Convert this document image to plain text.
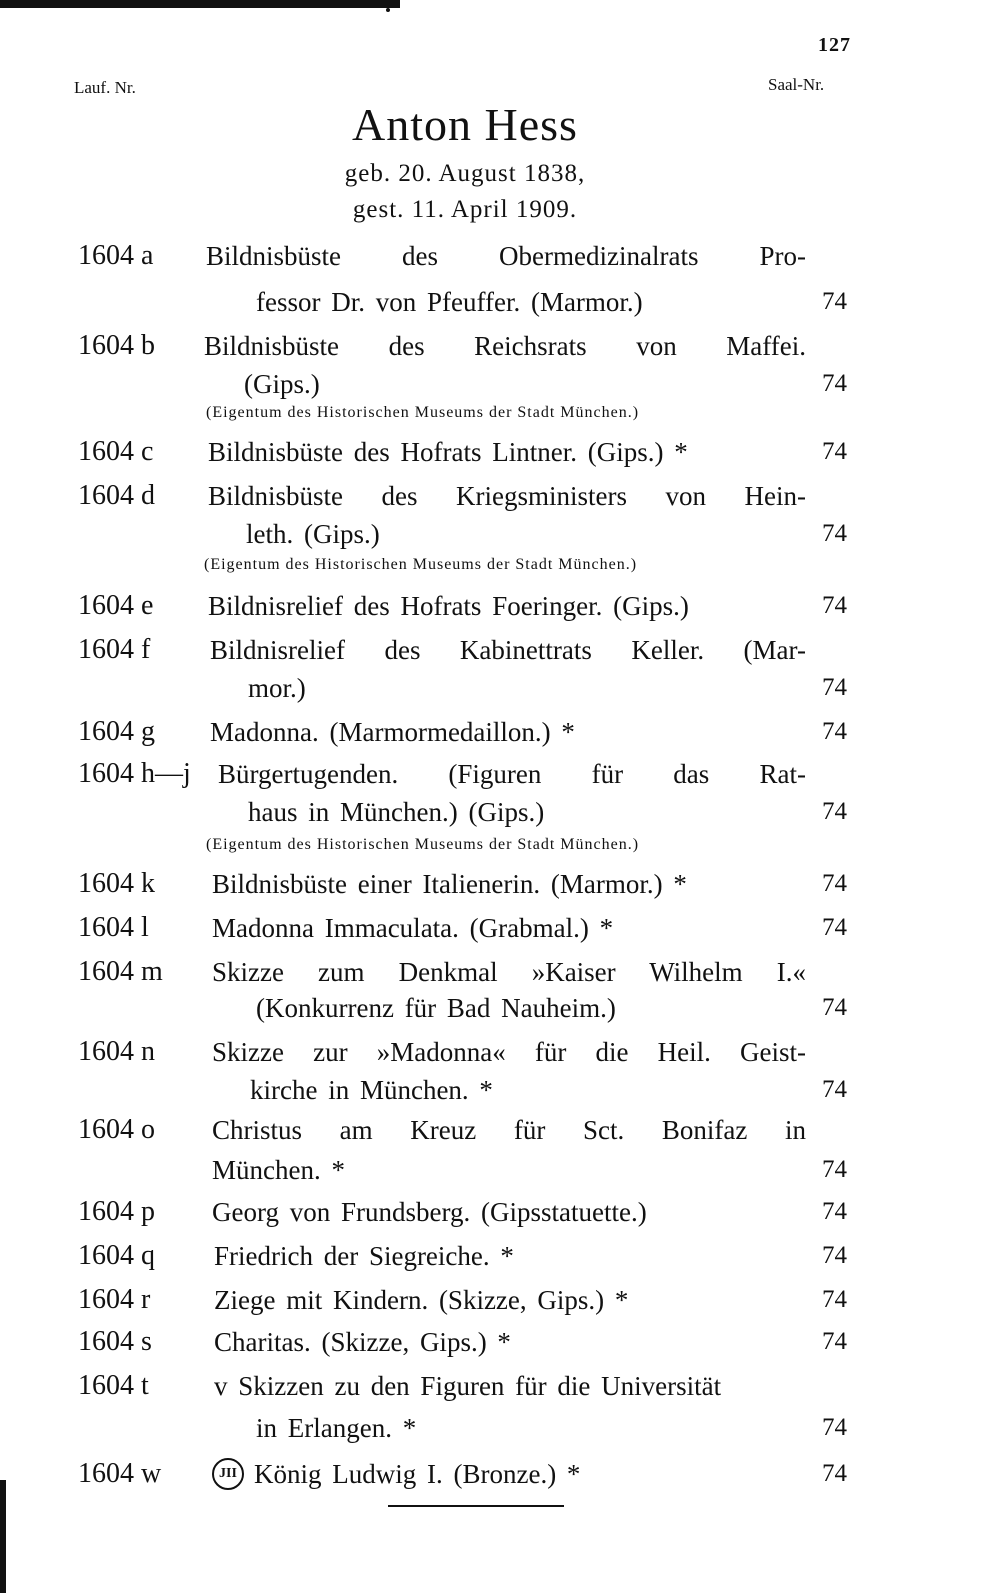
127
Lauf. Nr.	Saal-Nr.
Anton Hess
geb. 20. August 1838,
gest. 11. April 1909.
1604 a Bildnisbüste des Obermedizinalrats Pro-
fessor Dr. von Pfeuffer. (Marmor.)	74
1604 b Bildnisbüste des Reichsrats von Maffei.
(Gips.)	74
(Eigentum des Historischen Museums der Stadt München.)
1604 c Bildnisbüste des Hofrats Lintner. (Gips.) *	74
1604 d Bildnisbüste des Kriegsministers von Hein-
leth. (Gips.)	74
(Eigentum des Historischen Museums der Stadt München.)
1604 e Bildnisrelief des Hofrats Foeringer. (Gips.)	74
1604 f Bildnisrelief des Kabinettrats Keller. (Mar-
mor.)	74
1604 g Madonna. (Marmormedaillon.) *	74
1604 h—j Bürgertugenden. (Figuren für das Rat-
haus in München.) (Gips.)	74
(Eigentum des Historischen Museums der Stadt München.)
1604 k Bildnisbüste einer Italienerin. (Marmor.) *	74
1604 l Madonna Immaculata. (Grabmal.) *	74
1604 m Skizze zum Denkmal »Kaiser Wilhelm I.«
(Konkurrenz für Bad Nauheim.)	74
1604 n Skizze zur »Madonna« für die Heil. Geist-
kirche in München. *	74
1604 o Christus am Kreuz für Sct. Bonifaz in
München. *	74
1604 p Georg von Frundsberg. (Gipsstatuette.)	74
1604 q Friedrich der Siegreiche. *	74
1604 r Ziege mit Kindern. (Skizze, Gips.) *	74
1604 s Charitas. (Skizze, Gips.) *	74
1604 t v Skizzen zu den Figuren für die Universität
in Erlangen. *	74
1604 w	JII König Ludwig I. (Bronze.) *	74
